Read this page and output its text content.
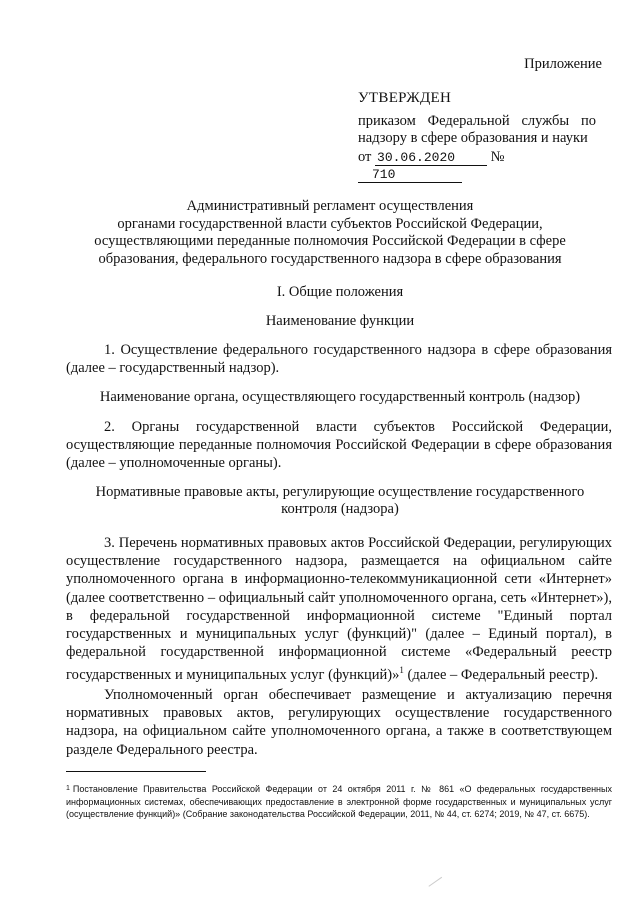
Приложение
УТВЕРЖДЕН
приказом Федеральной службы по надзору в сфере образования и науки
от 30.06.2020 № 710
Административный регламент осуществления
органами государственной власти субъектов Российской Федерации,
осуществляющими переданные полномочия Российской Федерации в сфере
образования, федерального государственного надзора в сфере образования
I. Общие положения
Наименование функции
1. Осуществление федерального государственного надзора в сфере образования (далее – государственный надзор).
Наименование органа, осуществляющего государственный контроль (надзор)
2. Органы государственной власти субъектов Российской Федерации, осуществляющие переданные полномочия Российской Федерации в сфере образования (далее – уполномоченные органы).
Нормативные правовые акты, регулирующие осуществление государственного контроля (надзора)
3. Перечень нормативных правовых актов Российской Федерации, регулирующих осуществление государственного надзора, размещается на официальном сайте уполномоченного органа в информационно-телекоммуникационной сети «Интернет» (далее соответственно – официальный сайт уполномоченного органа, сеть «Интернет»), в федеральной государственной информационной системе "Единый портал государственных и муниципальных услуг (функций)" (далее – Единый портал), в федеральной государственной информационной системе «Федеральный реестр государственных и муниципальных услуг (функций)»$^1$ (далее – Федеральный реестр).
Уполномоченный орган обеспечивает размещение и актуализацию перечня нормативных правовых актов, регулирующих осуществление государственного надзора, на официальном сайте уполномоченного органа, а также в соответствующем разделе Федерального реестра.
$^1$ Постановление Правительства Российской Федерации от 24 октября 2011 г. № 861 «О федеральных государственных информационных системах, обеспечивающих предоставление в электронной форме государственных и муниципальных услуг (осуществление функций)» (Собрание законодательства Российской Федерации, 2011, № 44, ст. 6274; 2019, № 47, ст. 6675).
